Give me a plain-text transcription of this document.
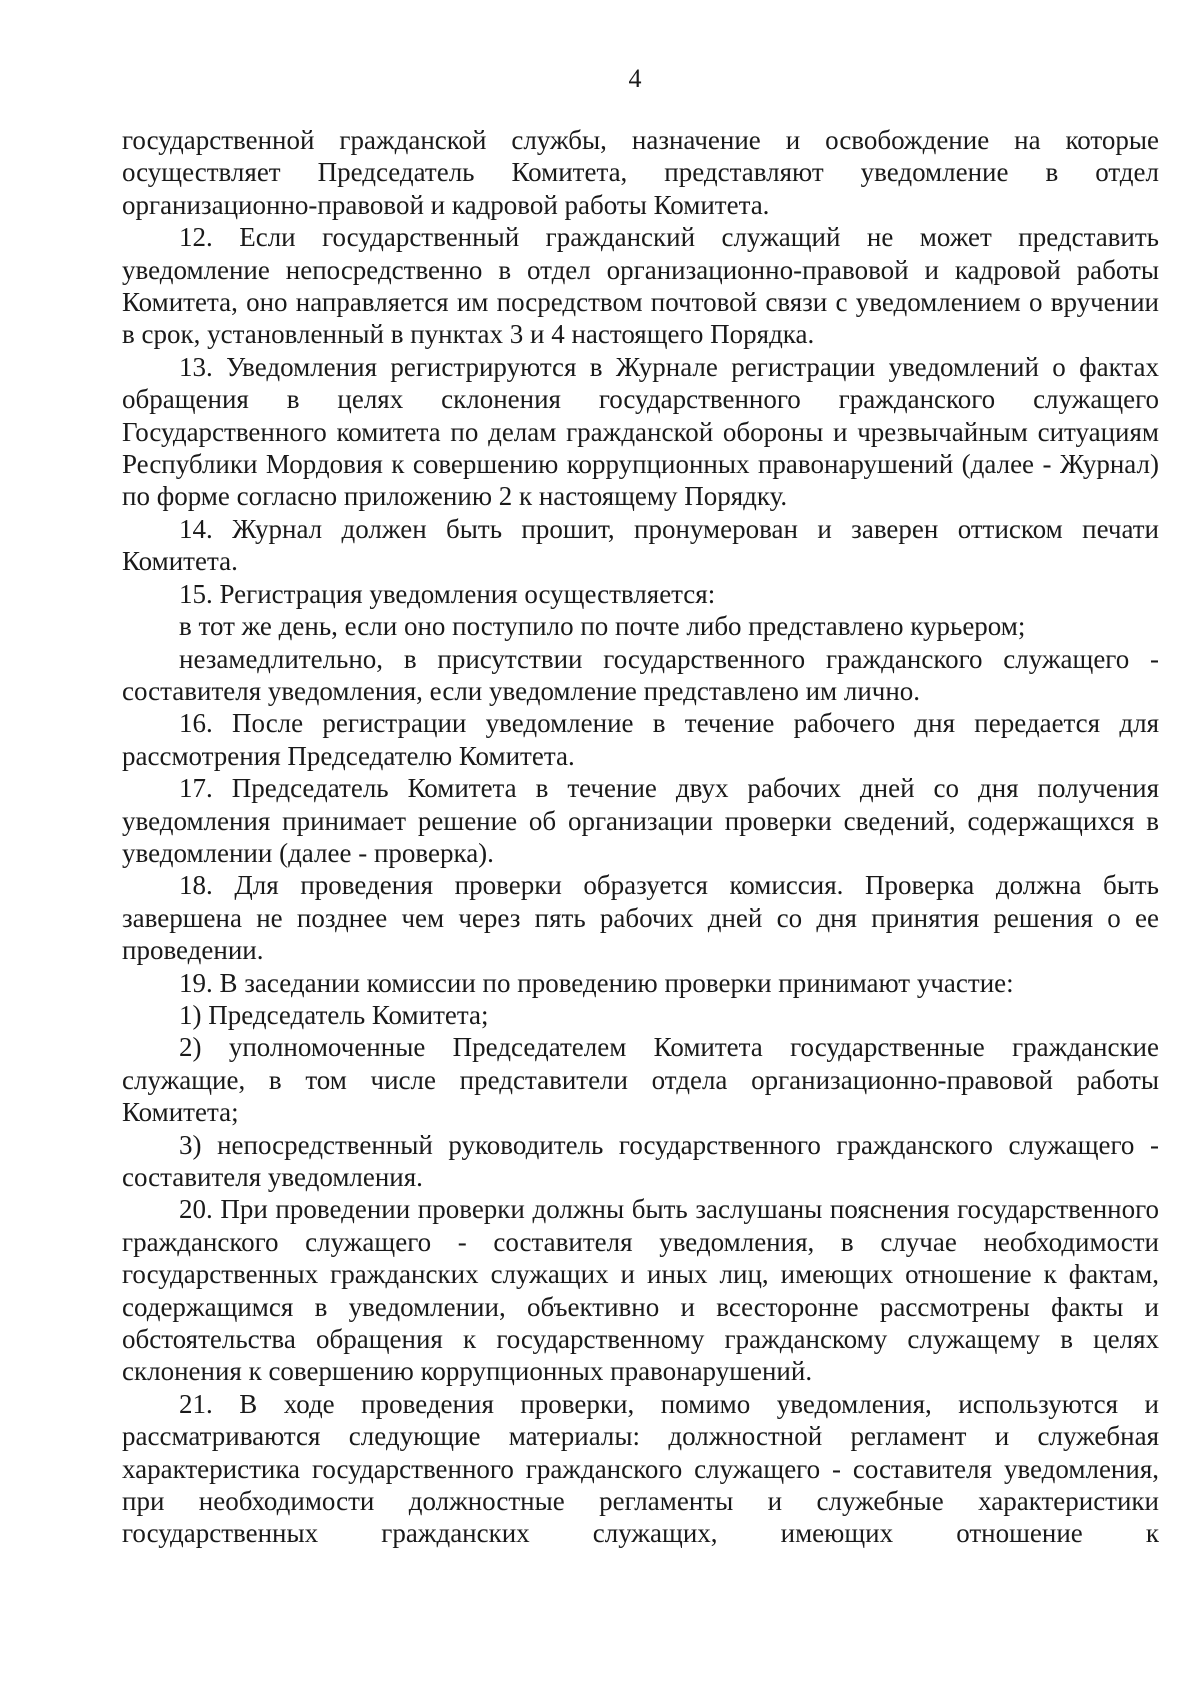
4

государственной гражданской службы, назначение и освобождение на которые осуществляет Председатель Комитета, представляют уведомление в отдел организационно-правовой и кадровой работы Комитета.

12. Если государственный гражданский служащий не может представить уведомление непосредственно в отдел организационно-правовой и кадровой работы Комитета, оно направляется им посредством почтовой связи с уведомлением о вручении в срок, установленный в пунктах 3 и 4 настоящего Порядка.

13. Уведомления регистрируются в Журнале регистрации уведомлений о фактах обращения в целях склонения государственного гражданского служащего Государственного комитета по делам гражданской обороны и чрезвычайным ситуациям Республики Мордовия к совершению коррупционных правонарушений (далее - Журнал) по форме согласно приложению 2 к настоящему Порядку.

14. Журнал должен быть прошит, пронумерован и заверен оттиском печати Комитета.

15. Регистрация уведомления осуществляется:

в тот же день, если оно поступило по почте либо представлено курьером;

незамедлительно, в присутствии государственного гражданского служащего - составителя уведомления, если уведомление представлено им лично.

16. После регистрации уведомление в течение рабочего дня передается для рассмотрения Председателю Комитета.

17. Председатель Комитета в течение двух рабочих дней со дня получения уведомления принимает решение об организации проверки сведений, содержащихся в уведомлении (далее - проверка).

18. Для проведения проверки образуется комиссия. Проверка должна быть завершена не позднее чем через пять рабочих дней со дня принятия решения о ее проведении.

19. В заседании комиссии по проведению проверки принимают участие:

1) Председатель Комитета;

2) уполномоченные Председателем Комитета государственные гражданские служащие, в том числе представители отдела организационно-правовой работы Комитета;

3) непосредственный руководитель государственного гражданского служащего - составителя уведомления.

20. При проведении проверки должны быть заслушаны пояснения государственного гражданского служащего - составителя уведомления, в случае необходимости государственных гражданских служащих и иных лиц, имеющих отношение к фактам, содержащимся в уведомлении, объективно и всесторонне рассмотрены факты и обстоятельства обращения к государственному гражданскому служащему в целях склонения к совершению коррупционных правонарушений.

21. В ходе проведения проверки, помимо уведомления, используются и рассматриваются следующие материалы: должностной регламент и служебная характеристика государственного гражданского служащего - составителя уведомления, при необходимости должностные регламенты и служебные характеристики государственных гражданских служащих, имеющих отношение к
